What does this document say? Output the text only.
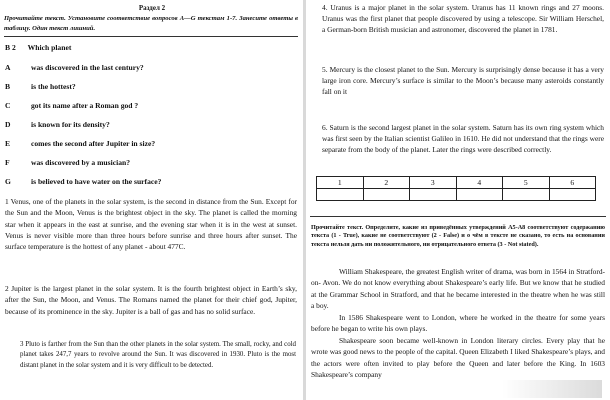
Раздел 2
Прочитайте текст. Установите соответствие вопросов A—G текстам 1-7. Занесите ответы в таблицу. Один текст лишний.
B 2 Which planet
A	was discovered in the last century?
B	is the hottest?
C	got its name after a Roman god ?
D	is known for its density?
E	comes the second after Jupiter in size?
F	was discovered by a musician?
G	is believed to have water on the surface?
1 Venus, one of the planets in the solar system, is the second in distance from the Sun. Except for the Sun and the Moon, Venus is the brightest object in the sky. The planet is called the morning star when it appears in the east at sunrise, and the evening star when it is in the west at sunset. Venus is never visible more than three hours before sunrise and three hours after sunset. The surface temperature is the hottest of any planet - about 477C.
2 Jupiter is the largest planet in the solar system. It is the fourth brightest object in Earth’s sky, after the Sun, the Moon, and Venus. The Romans named the planet for their chief god, Jupiter, because of its prominence in the sky. Jupiter is a ball of gas and has no solid surface.
3 Pluto is farther from the Sun than the other planets in the solar system. The small, rocky, and cold planet takes 247,7 years to revolve around the Sun. It was discovered in 1930. Pluto is the most distant planet in the solar system and it is very difficult to be detected.
4. Uranus is a major planet in the solar system. Uranus has 11 known rings and 27 moons. Uranus was the first planet that people discovered by using a telescope. Sir William Herschel, a German-born British musician and astronomer, discovered the planet in 1781.
5. Mercury is the closest planet to the Sun. Mercury is surprisingly dense because it has a very large iron core. Mercury’s surface is similar to the Moon’s because many asteroids constantly fall on it
6. Saturn is the second largest planet in the solar system. Saturn has its own ring system which was first seen by the Italian scientist Galileo in 1610. He did not understand that the rings were separate from the body of the planet. Later the rings were described correctly.
1	2	3	4	5	6

Прочитайте текст. Определите, какие из приведённых утверждений А5-А8 соответствуют содержанию текста (1 - True), какие не соответствуют (2 - False) и о чём в тексте не сказано, то есть на основании текста нельзя дать ни положительного, ни отрицательного ответа (3 - Not stated).
William Shakespeare, the greatest English writer of drama, was born in 1564 in Stratford-on- Avon. We do not know everything about Shakespeare’s early life. But we know that he studied at the Grammar School in Stratford, and that he became interested in the theatre when he was still a boy.
In 1586 Shakespeare went to London, where he worked in the theatre for some years before he began to write his own plays.
Shakespeare soon became well-known in London literary circles. Every play that he wrote was good news to the people of the capital. Queen Elizabeth I liked Shakespeare’s plays, and the actors were often invited to play before the Queen and later before the King. In 1603 Shakespeare’s company
